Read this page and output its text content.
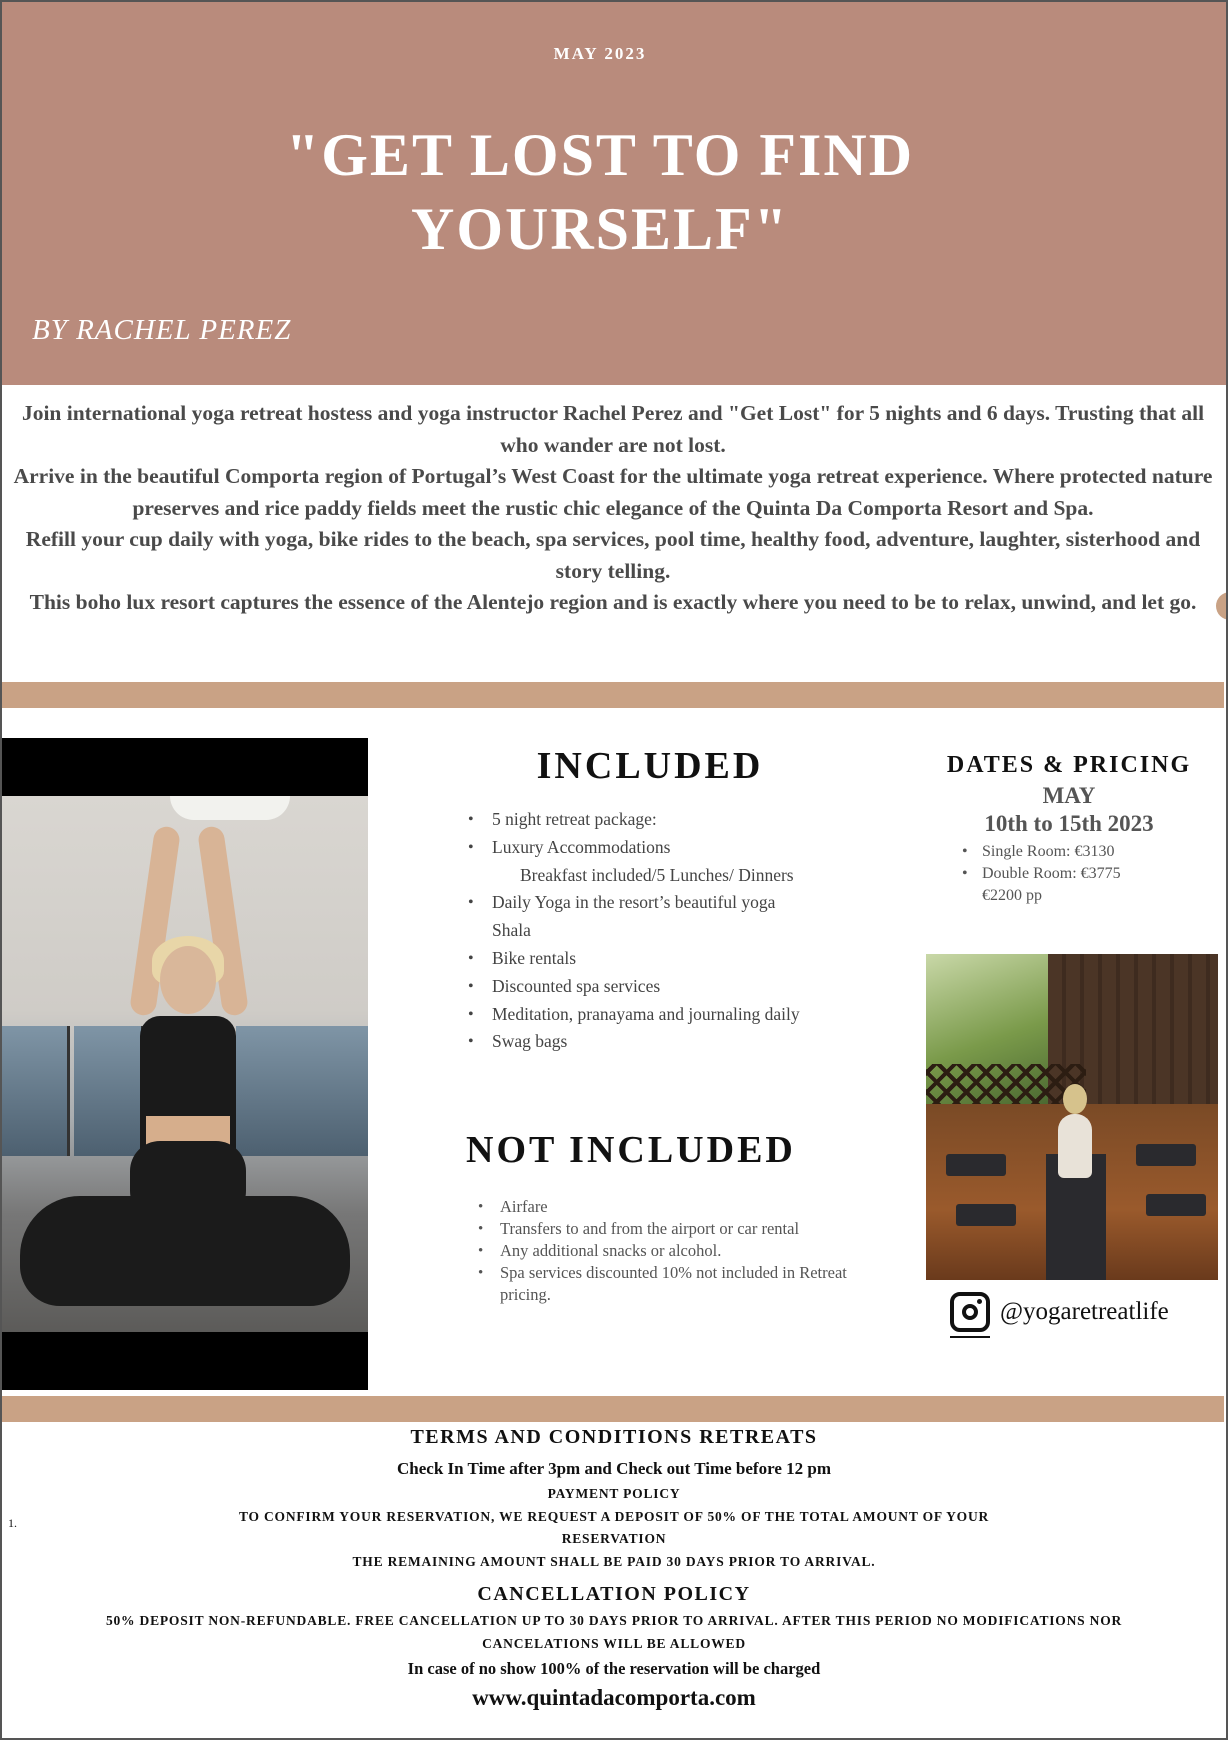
MAY 2023
"GET LOST TO FIND
YOURSELF"
BY RACHEL PEREZ

Join international yoga retreat hostess and yoga instructor Rachel Perez and "Get Lost" for 5 nights and 6 days. Trusting that all who wander are not lost.

Arrive in the beautiful Comporta region of Portugal’s West Coast for the ultimate yoga retreat experience. Where protected nature preserves and rice paddy fields meet the rustic chic elegance of the Quinta Da Comporta Resort and Spa.

Refill your cup daily with yoga, bike rides to the beach, spa services, pool time, healthy food, adventure, laughter, sisterhood and story telling.

This boho lux resort captures the essence of the Alentejo region and is exactly where you need to be to relax, unwind, and let go.

INCLUDED
• 5 night retreat package:
• Luxury Accommodations
Breakfast included/5 Lunches/ Dinners
• Daily Yoga in the resort’s beautiful yoga
Shala
• Bike rentals
• Discounted spa services
• Meditation, pranayama and journaling daily
• Swag bags
NOT INCLUDED
• Airfare
• Transfers to and from the airport or car rental
• Any additional snacks or alcohol.
• Spa services discounted 10% not included in Retreat pricing.
DATES & PRICING
MAY
10th to 15th 2023
• Single Room: €3130
• Double Room: €3775
€2200 pp
@yogaretreatlife
1.
TERMS AND CONDITIONS RETREATS
Check In Time after 3pm and Check out Time before 12 pm
PAYMENT POLICY
TO CONFIRM YOUR RESERVATION, WE REQUEST A DEPOSIT OF 50% OF THE TOTAL AMOUNT OF YOUR RESERVATION
THE REMAINING AMOUNT SHALL BE PAID 30 DAYS PRIOR TO ARRIVAL.
CANCELLATION POLICY
50% DEPOSIT NON-REFUNDABLE. FREE CANCELLATION UP TO 30 DAYS PRIOR TO ARRIVAL. AFTER THIS PERIOD NO MODIFICATIONS NOR CANCELATIONS WILL BE ALLOWED
In case of no show 100% of the reservation will be charged
www.quintadacomporta.com
